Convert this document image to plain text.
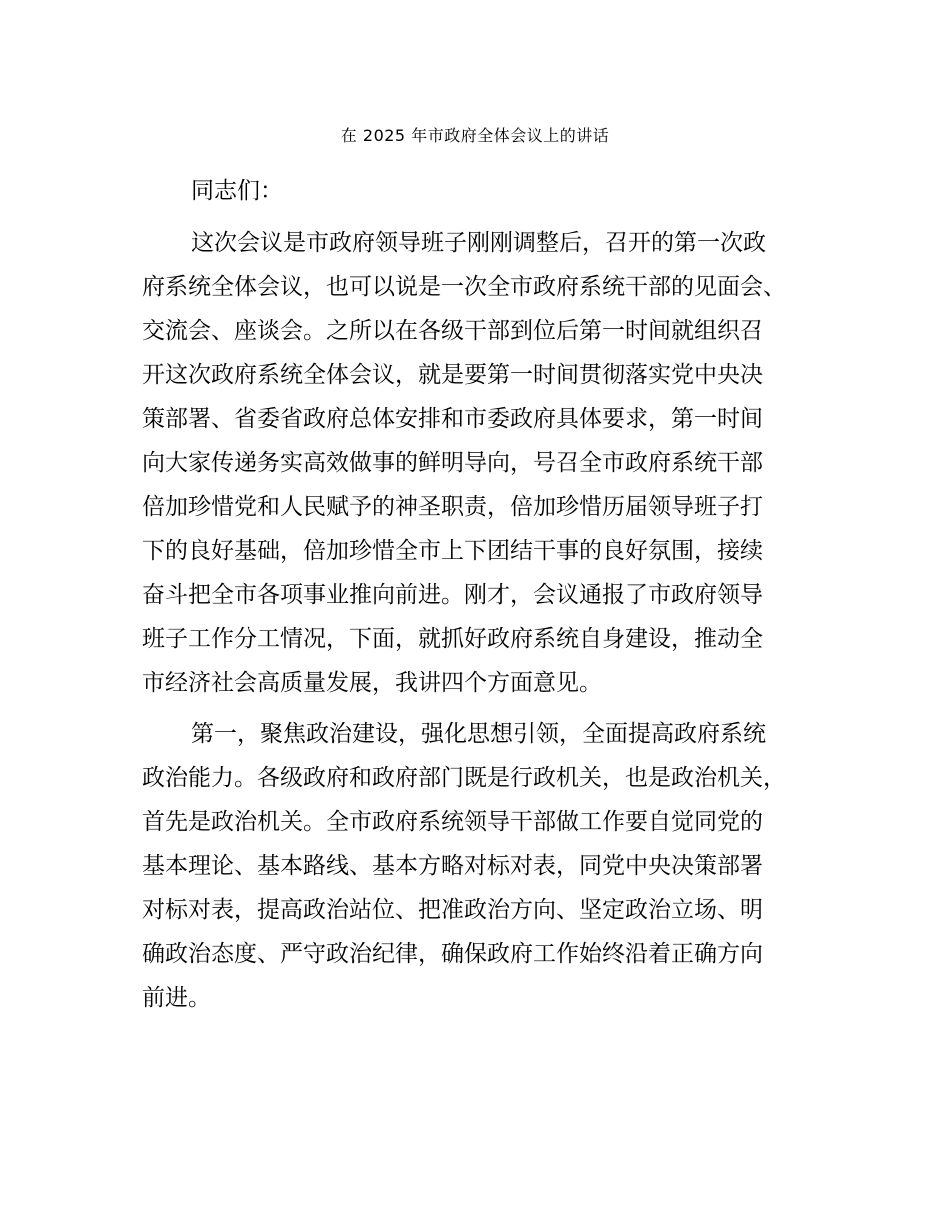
在 2025 年市政府全体会议上的讲话
同志们：
这次会议是市政府领导班子刚刚调整后，召开的第一次政
府系统全体会议，也可以说是一次全市政府系统干部的见面会、
交流会、座谈会。之所以在各级干部到位后第一时间就组织召
开这次政府系统全体会议，就是要第一时间贯彻落实党中央决
策部署、省委省政府总体安排和市委政府具体要求，第一时间
向大家传递务实高效做事的鲜明导向，号召全市政府系统干部
倍加珍惜党和人民赋予的神圣职责，倍加珍惜历届领导班子打
下的良好基础，倍加珍惜全市上下团结干事的良好氛围，接续
奋斗把全市各项事业推向前进。刚才，会议通报了市政府领导
班子工作分工情况，下面，就抓好政府系统自身建设，推动全
市经济社会高质量发展，我讲四个方面意见。
第一，聚焦政治建设，强化思想引领，全面提高政府系统
政治能力。各级政府和政府部门既是行政机关，也是政治机关，
首先是政治机关。全市政府系统领导干部做工作要自觉同党的
基本理论、基本路线、基本方略对标对表，同党中央决策部署
对标对表，提高政治站位、把准政治方向、坚定政治立场、明
确政治态度、严守政治纪律，确保政府工作始终沿着正确方向
前进。
